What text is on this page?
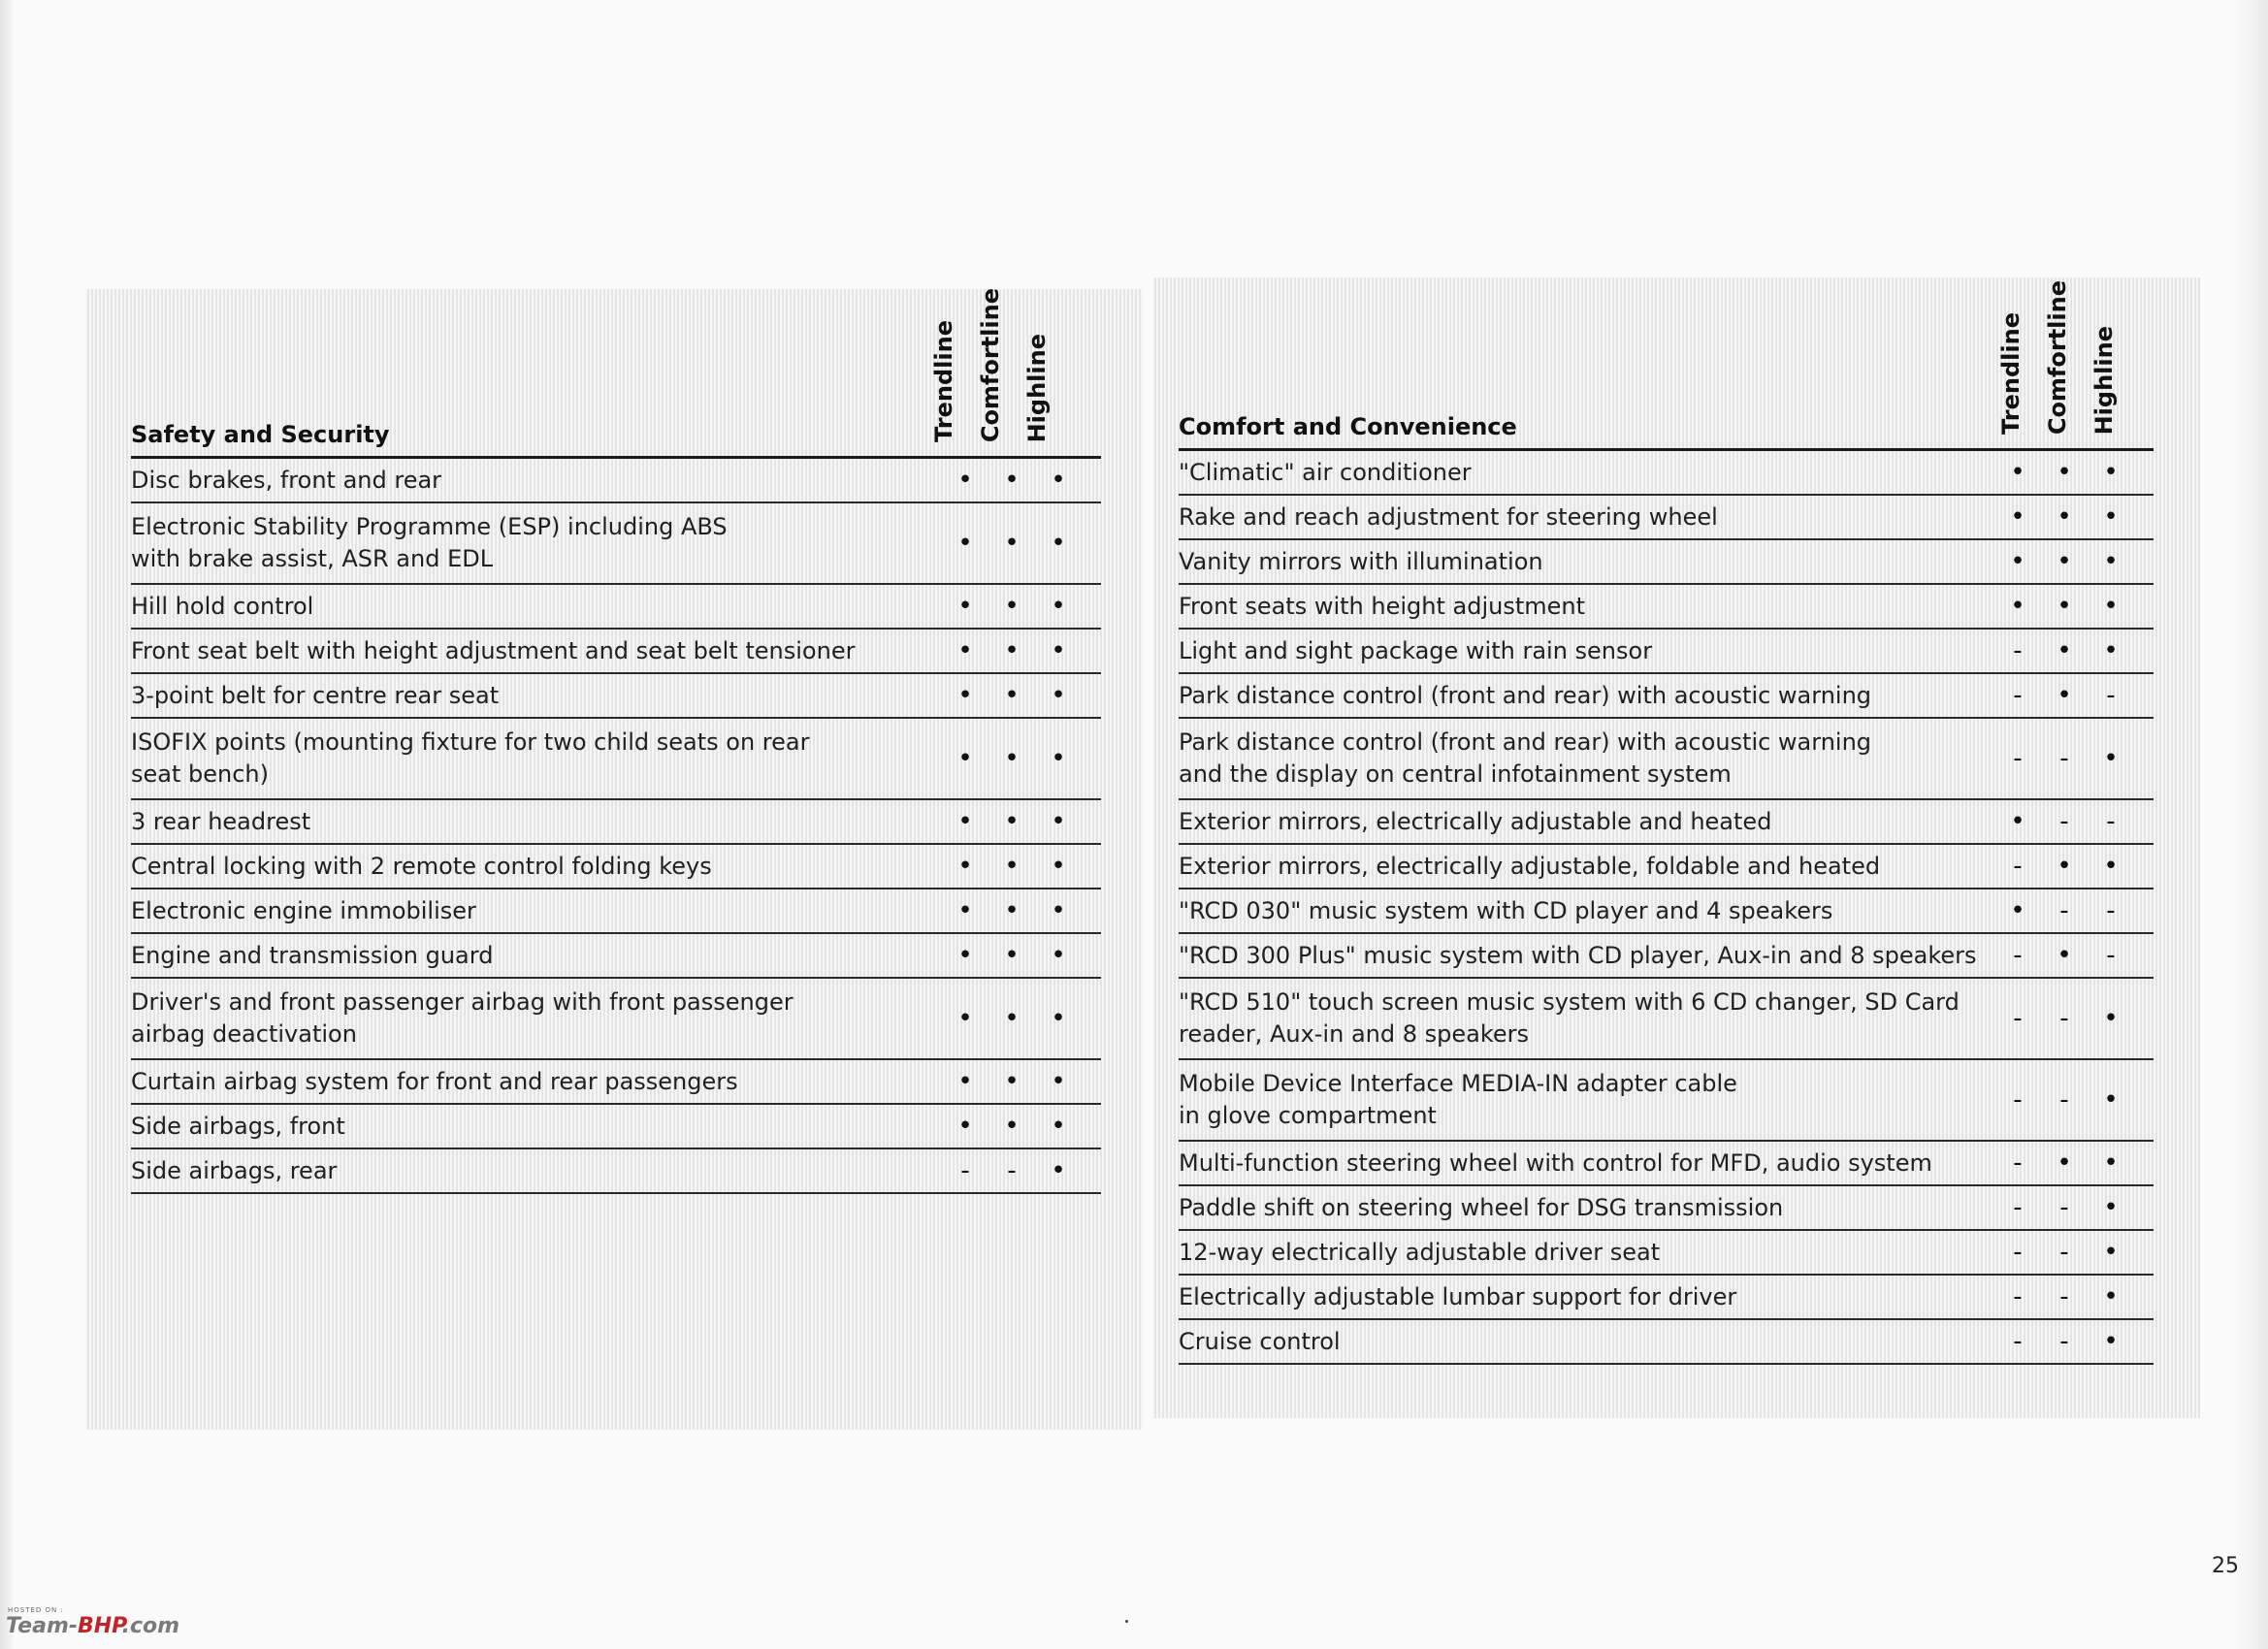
Safety and Security	Trendline Comfortline Highline
Disc brakes, front and rear	•	•	•
Electronic Stability Programme (ESP) including ABS
with brake assist, ASR and EDL
•	•	•
Hill hold control	•	•	•
Front seat belt with height adjustment and seat belt tensioner	•	•	•
3-point belt for centre rear seat	•	•	•
ISOFIX points (mounting fixture for two child seats on rear
seat bench)
•	•	•
3 rear headrest	•	•	•
Central locking with 2 remote control folding keys	•	•	•
Electronic engine immobiliser	•	•	•
Engine and transmission guard	•	•	•
Driver's and front passenger airbag with front passenger
airbag deactivation
•	•	•
Curtain airbag system for front and rear passengers	•	•	•
Side airbags, front	•	•	•
Side airbags, rear	-	-	•
Comfort and Convenience	Trendline Comfortline Highline
"Climatic" air conditioner	•	•	•
Rake and reach adjustment for steering wheel	•	•	•
Vanity mirrors with illumination	•	•	•
Front seats with height adjustment	•	•	•
Light and sight package with rain sensor	-	•	•
Park distance control (front and rear) with acoustic warning	-	•	-
Park distance control (front and rear) with acoustic warning
and the display on central infotainment system
-	-	•
Exterior mirrors, electrically adjustable and heated	•	-	-
Exterior mirrors, electrically adjustable, foldable and heated	-	•	•
"RCD 030" music system with CD player and 4 speakers	•	-	-
"RCD 300 Plus" music system with CD player, Aux-in and 8 speakers	-	•	-
"RCD 510" touch screen music system with 6 CD changer, SD Card
reader, Aux-in and 8 speakers
-	-	•
Mobile Device Interface MEDIA-IN adapter cable
in glove compartment
-	-	•
Multi-function steering wheel with control for MFD, audio system	-	•	•
Paddle shift on steering wheel for DSG transmission	-	-	•
12-way electrically adjustable driver seat	-	-	•
Electrically adjustable lumbar support for driver	-	-	•
Cruise control	-	-	•
25
HOSTED ON :
Team-BHP.com
